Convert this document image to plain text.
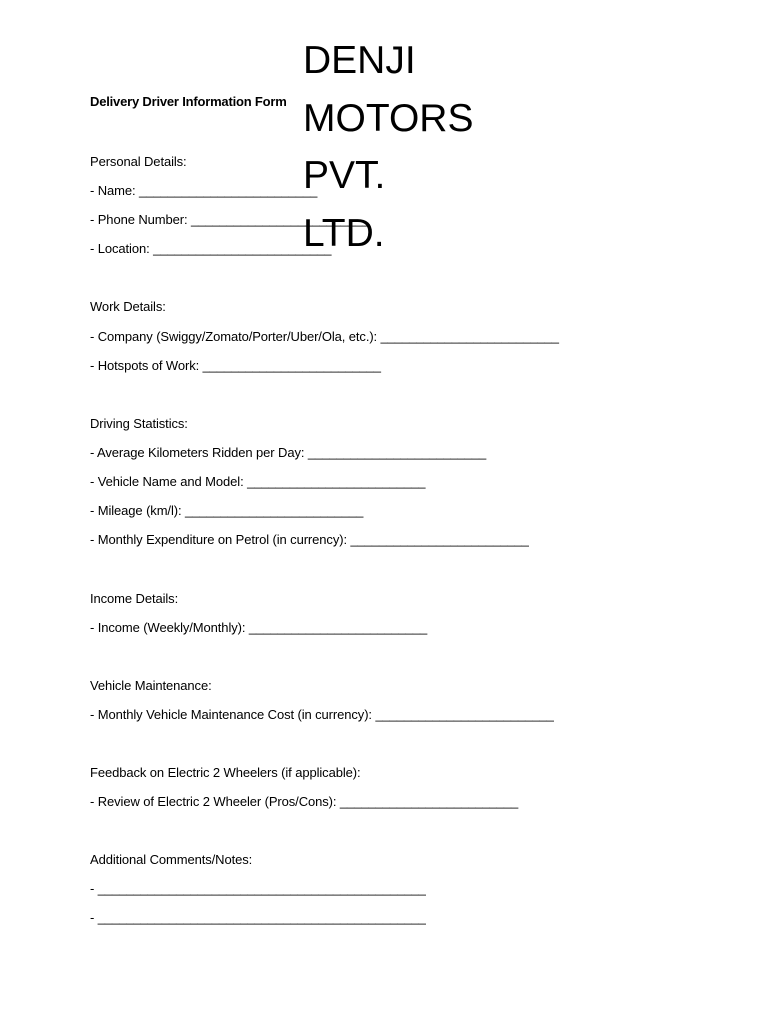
Delivery Driver Information Form
DENJI
MOTORS
PVT.
LTD.
Personal Details:
- Name: _________________________
- Phone Number: _________________________
- Location: _________________________
Work Details:
- Company (Swiggy/Zomato/Porter/Uber/Ola, etc.): _________________________
- Hotspots of Work: _________________________
Driving Statistics:
- Average Kilometers Ridden per Day: _________________________
- Vehicle Name and Model: _________________________
- Mileage (km/l): _________________________
- Monthly Expenditure on Petrol (in currency): _________________________
Income Details:
- Income (Weekly/Monthly): _________________________
Vehicle Maintenance:
- Monthly Vehicle Maintenance Cost (in currency): _________________________
Feedback on Electric 2 Wheelers (if applicable):
- Review of Electric 2 Wheeler (Pros/Cons): _________________________
Additional Comments/Notes:
- ______________________________________________
- ______________________________________________
